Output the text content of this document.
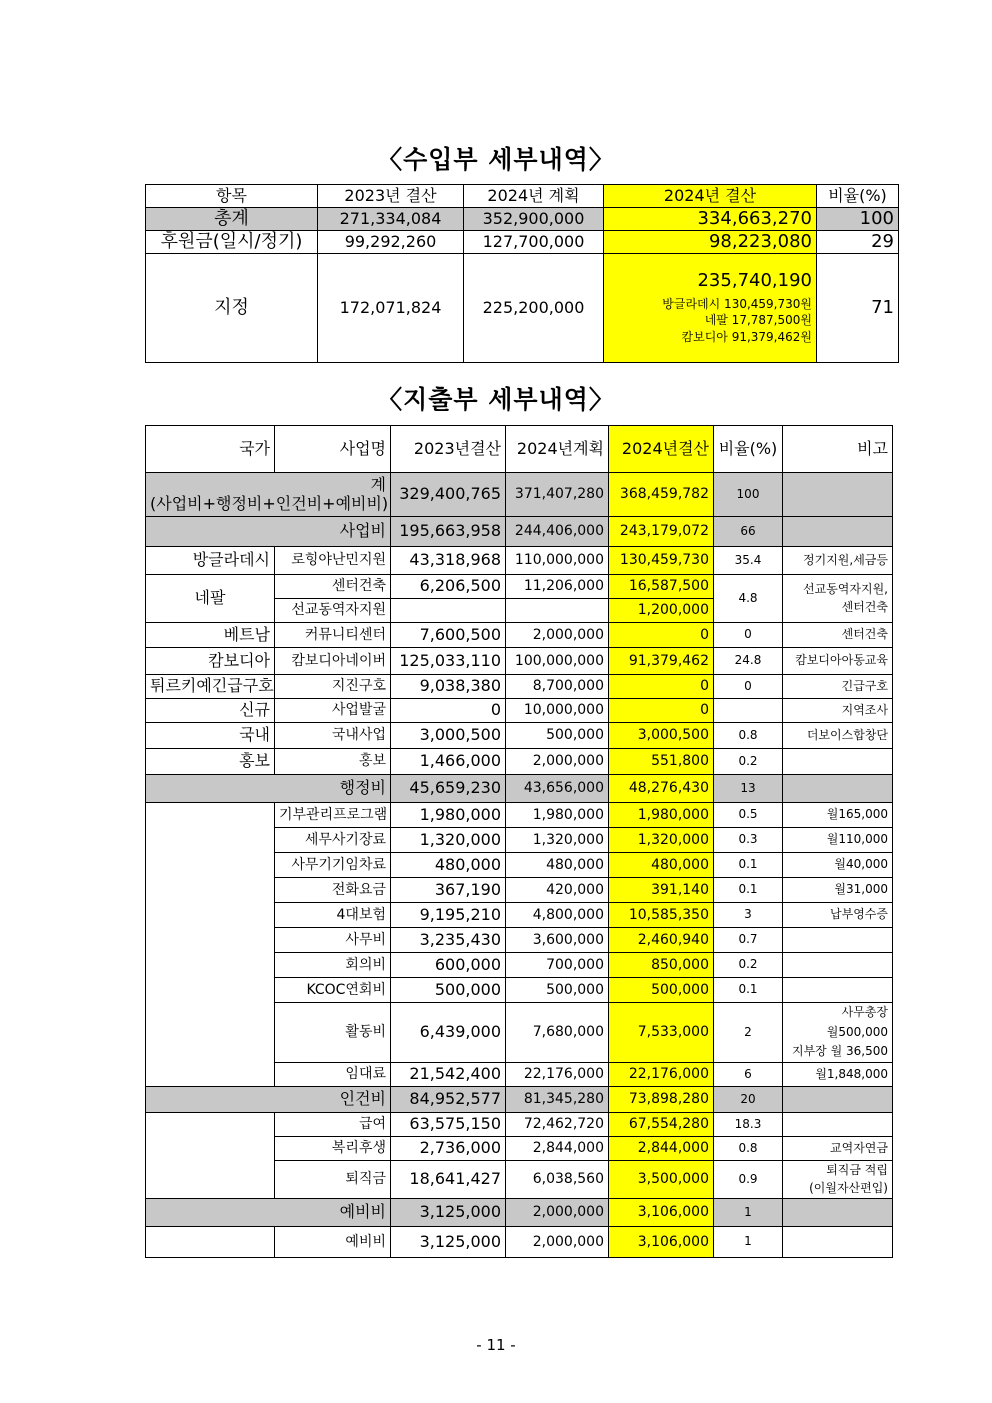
〈수입부 세부내역〉
항목	2023년 결산	2024년 계획	2024년 결산	비율(%)
총계	271,334,084	352,900,000	334,663,270	100
후원금(일시/정기)	99,292,260	127,700,000	98,223,080	29
지정	172,071,824	225,200,000	235,740,190
방글라데시 130,459,730원
네팔 17,787,500원
캄보디아 91,379,462원	71
〈지출부 세부내역〉
국가	사업명	2023년결산	2024년계획	2024년결산	비율(%)	비고

계
(사업비+행정비+인건비+예비비)		329,400,765	371,407,280	368,459,782	100	
사업비		195,663,958	244,406,000	243,179,072	66	
방글라데시	로힝야난민지원	43,318,968	110,000,000	130,459,730	35.4	정기지원,세금등
네팔	센터건축	6,206,500	11,206,000	16,587,500	4.8	선교동역자지원,
센터건축

	선교동역자지원			1,200,000		
베트남	커뮤니티센터	7,600,500	2,000,000	0	0	센터건축
캄보디아	캄보디아네이버	125,033,110	100,000,000	91,379,462	24.8	캄보디아아동교육
튀르키예긴급구호	지진구호	9,038,380	8,700,000	0	0	긴급구호
신규	사업발굴	0	10,000,000	0		지역조사
국내	국내사업	3,000,500	500,000	3,000,500	0.8	더보이스합창단
홍보	홍보	1,466,000	2,000,000	551,800	0.2	
행정비		45,659,230	43,656,000	48,276,430	13	
	기부관리프로그램	1,980,000	1,980,000	1,980,000	0.5	월165,000
	세무사기장료	1,320,000	1,320,000	1,320,000	0.3	월110,000
	사무기기임차료	480,000	480,000	480,000	0.1	월40,000
	전화요금	367,190	420,000	391,140	0.1	월31,000
	4대보험	9,195,210	4,800,000	10,585,350	3	납부영수증
	사무비	3,235,430	3,600,000	2,460,940	0.7	
	회의비	600,000	700,000	850,000	0.2	
	KCOC연회비	500,000	500,000	500,000	0.1	
	활동비	6,439,000	7,680,000	7,533,000	2	사무총장
월500,000
지부장 월 36,500

	임대료	21,542,400	22,176,000	22,176,000	6	월1,848,000
인건비		84,952,577	81,345,280	73,898,280	20	
	급여	63,575,150	72,462,720	67,554,280	18.3	
	복리후생	2,736,000	2,844,000	2,844,000	0.8	교역자연금
	퇴직금	18,641,427	6,038,560	3,500,000	0.9	퇴직금 적립
(이월자산편입)

예비비		3,125,000	2,000,000	3,106,000	1	
	예비비	3,125,000	2,000,000	3,106,000	1	
- 11 -
